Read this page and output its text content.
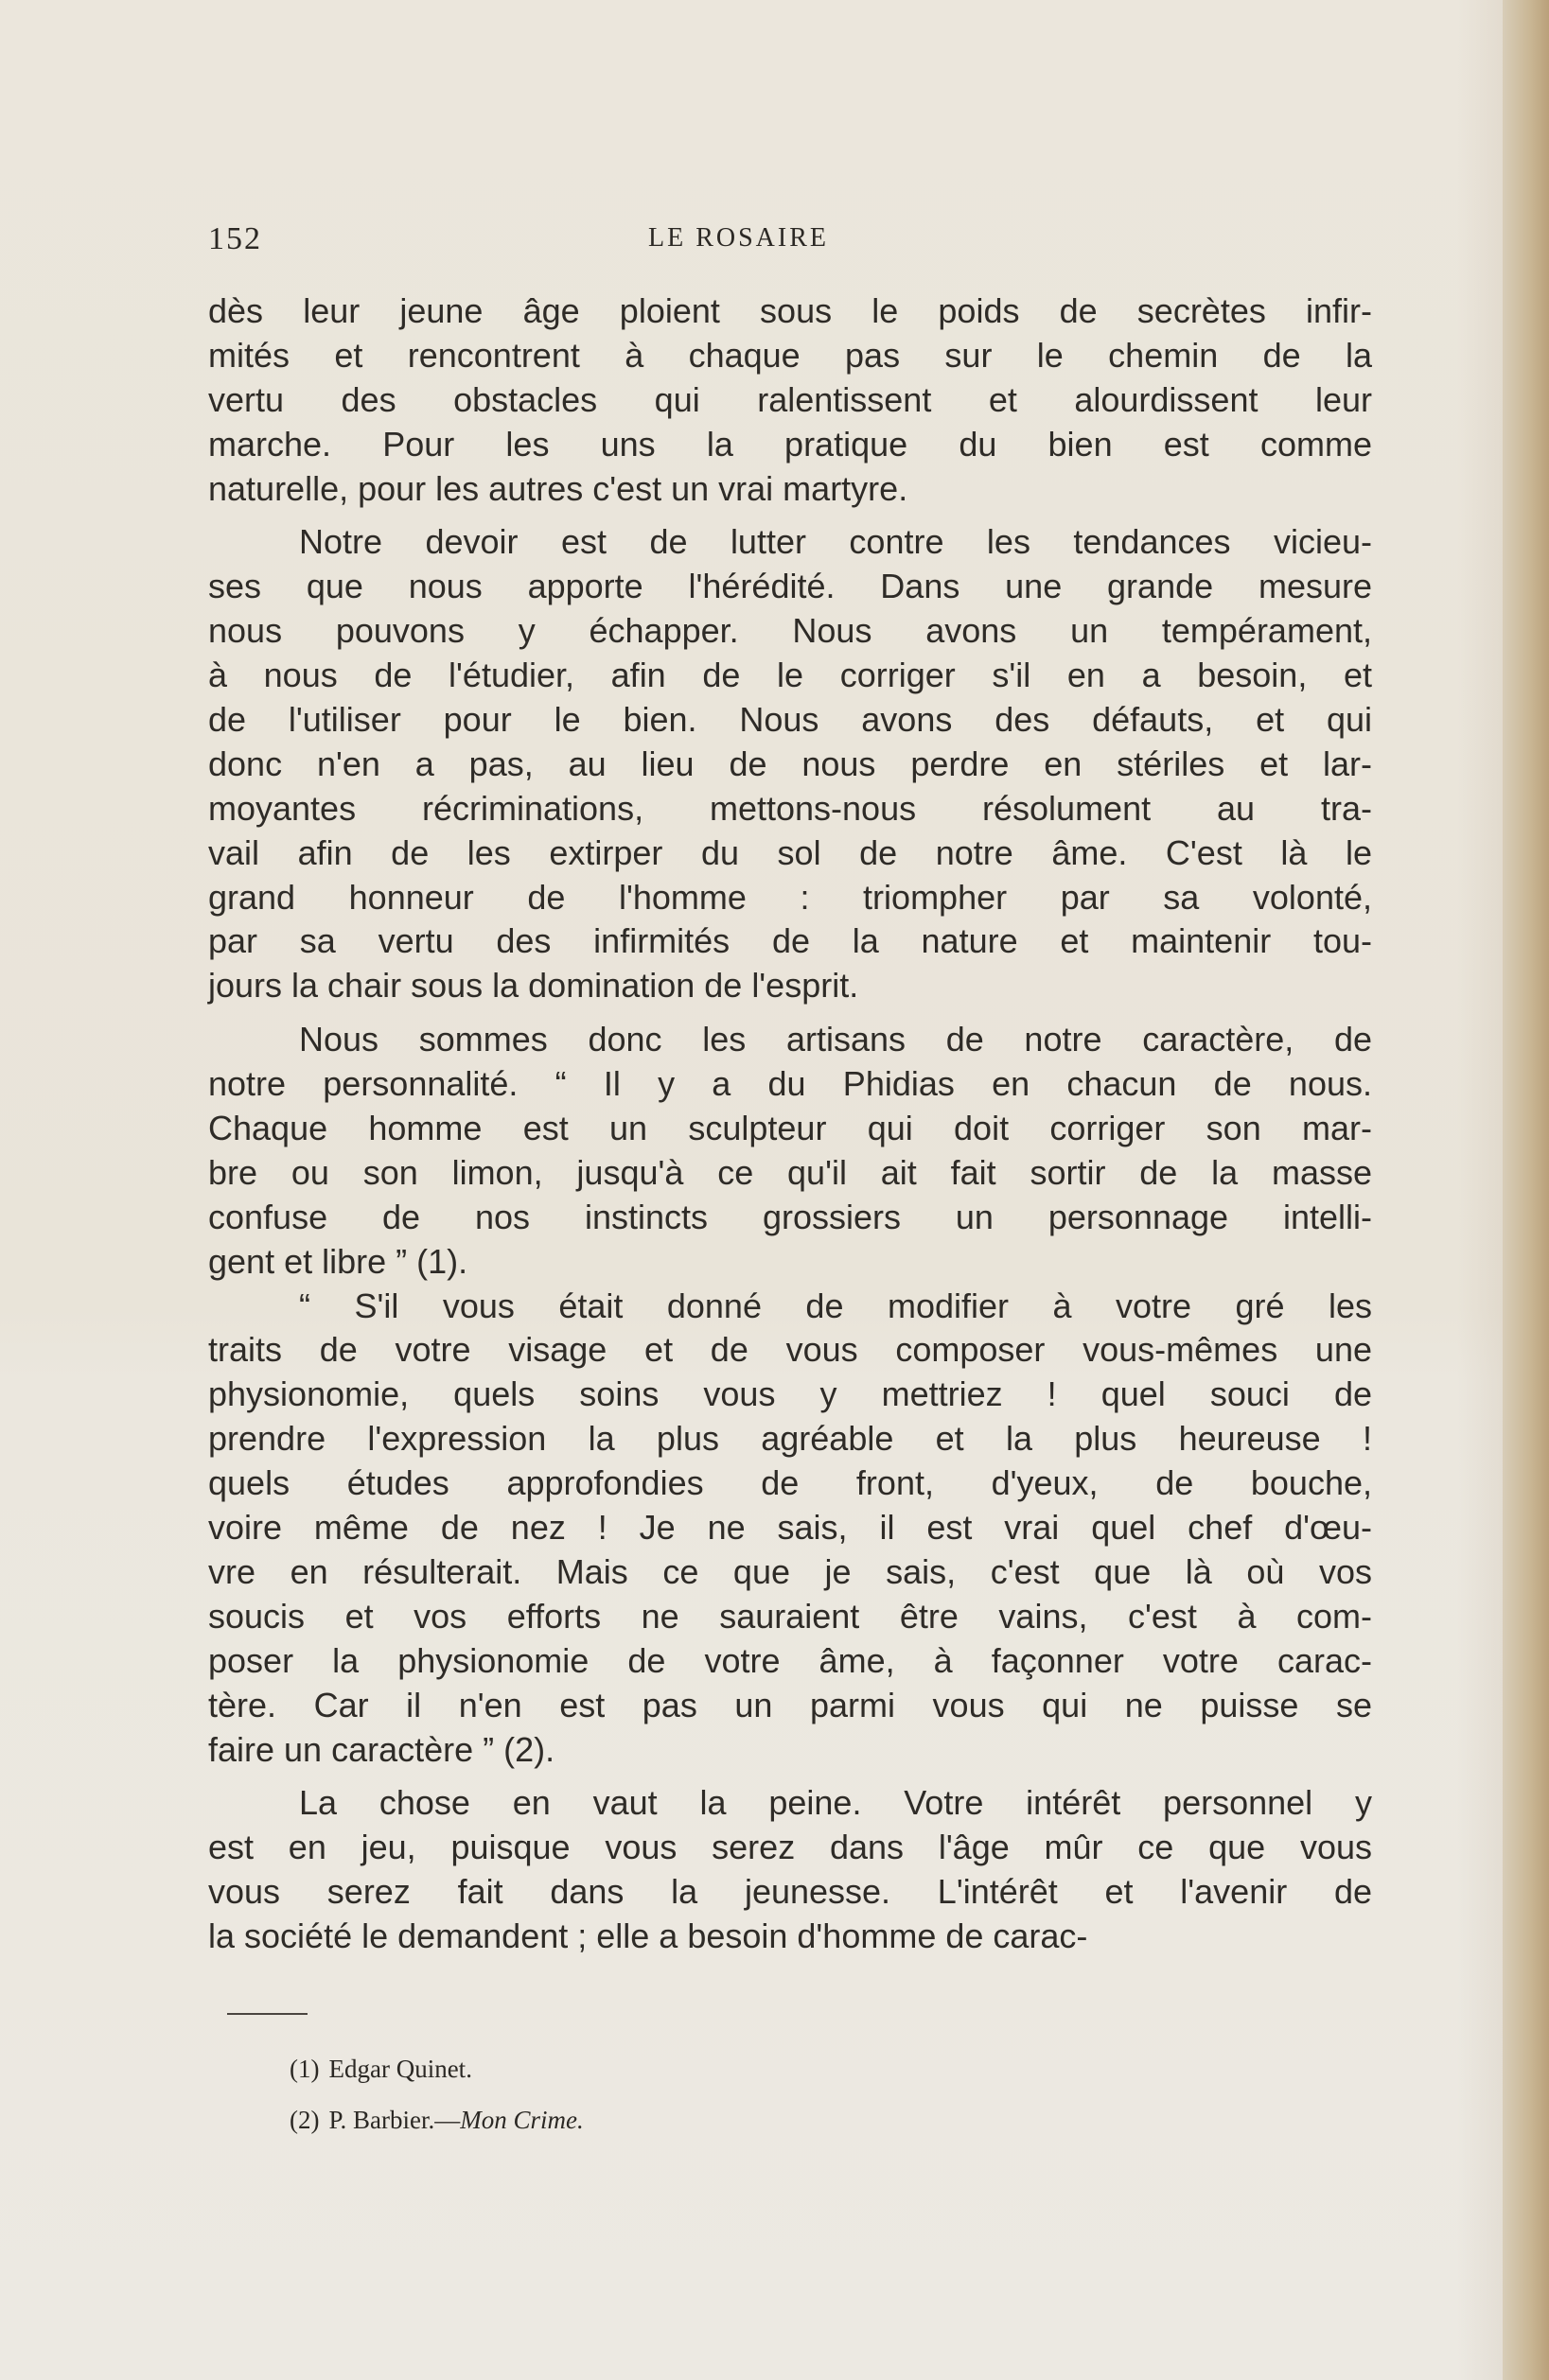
152	LE ROSAIRE
dès leur jeune âge ploient sous le poids de secrètes infir-
mités et rencontrent à chaque pas sur le chemin de la
vertu des obstacles qui ralentissent et alourdissent leur
marche. Pour les uns la pratique du bien est comme
naturelle, pour les autres c'est un vrai martyre.
Notre devoir est de lutter contre les tendances vicieu-
ses que nous apporte l'hérédité. Dans une grande mesure
nous pouvons y échapper. Nous avons un tempérament,
à nous de l'étudier, afin de le corriger s'il en a besoin, et
de l'utiliser pour le bien. Nous avons des défauts, et qui
donc n'en a pas, au lieu de nous perdre en stériles et lar-
moyantes récriminations, mettons-nous résolument au tra-
vail afin de les extirper du sol de notre âme. C'est là le
grand honneur de l'homme : triompher par sa volonté,
par sa vertu des infirmités de la nature et maintenir tou-
jours la chair sous la domination de l'esprit.
Nous sommes donc les artisans de notre caractère, de
notre personnalité. “ Il y a du Phidias en chacun de nous.
Chaque homme est un sculpteur qui doit corriger son mar-
bre ou son limon, jusqu'à ce qu'il ait fait sortir de la masse
confuse de nos instincts grossiers un personnage intelli-
gent et libre ” (1).
“ S'il vous était donné de modifier à votre gré les
traits de votre visage et de vous composer vous-mêmes une
physionomie, quels soins vous y mettriez ! quel souci de
prendre l'expression la plus agréable et la plus heureuse !
quels études approfondies de front, d'yeux, de bouche,
voire même de nez ! Je ne sais, il est vrai quel chef d'œu-
vre en résulterait. Mais ce que je sais, c'est que là où vos
soucis et vos efforts ne sauraient être vains, c'est à com-
poser la physionomie de votre âme, à façonner votre carac-
tère. Car il n'en est pas un parmi vous qui ne puisse se
faire un caractère ” (2).
La chose en vaut la peine. Votre intérêt personnel y
est en jeu, puisque vous serez dans l'âge mûr ce que vous
vous serez fait dans la jeunesse. L'intérêt et l'avenir de
la société le demandent ; elle a besoin d'homme de carac-
(1) Edgar Quinet.
(2) P. Barbier.—Mon Crime.
